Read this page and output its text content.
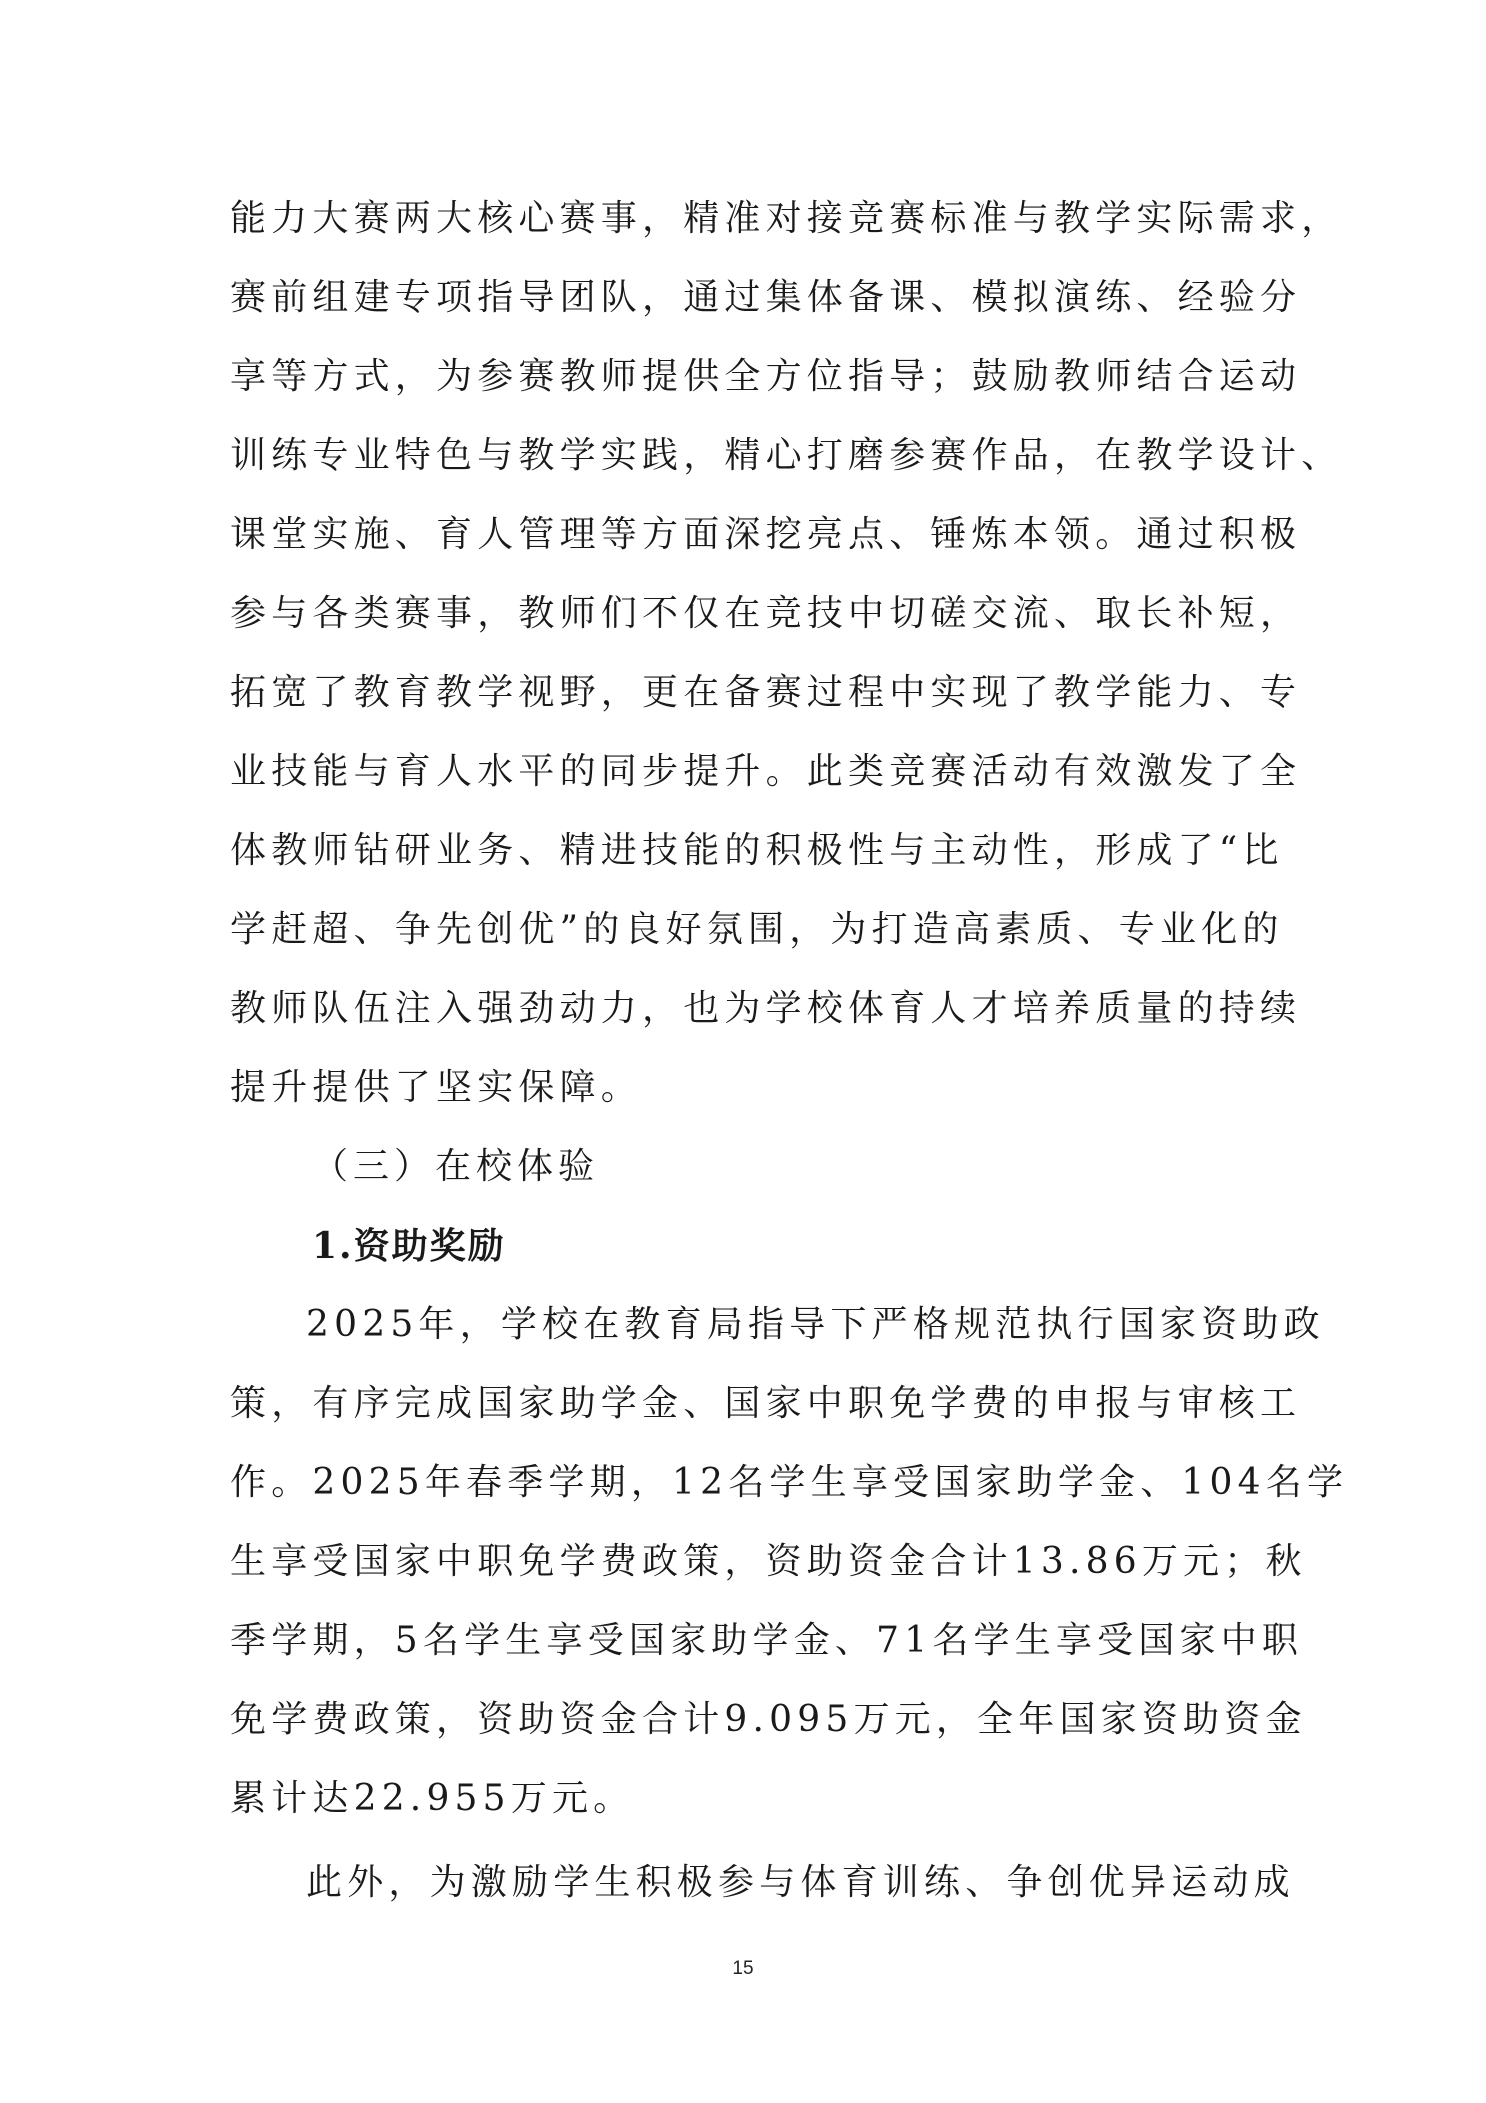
能力大赛两大核心赛事，精准对接竞赛标准与教学实际需求，
赛前组建专项指导团队，通过集体备课、模拟演练、经验分
享等方式，为参赛教师提供全方位指导；鼓励教师结合运动
训练专业特色与教学实践，精心打磨参赛作品，在教学设计、
课堂实施、育人管理等方面深挖亮点、锤炼本领。通过积极
参与各类赛事，教师们不仅在竞技中切磋交流、取长补短，
拓宽了教育教学视野，更在备赛过程中实现了教学能力、专
业技能与育人水平的同步提升。此类竞赛活动有效激发了全
体教师钻研业务、精进技能的积极性与主动性，形成了“比
学赶超、争先创优”的良好氛围，为打造高素质、专业化的
教师队伍注入强劲动力，也为学校体育人才培养质量的持续
提升提供了坚实保障。
（三）在校体验
1.资助奖励
2025年，学校在教育局指导下严格规范执行国家资助政
策，有序完成国家助学金、国家中职免学费的申报与审核工
作。2025年春季学期，12名学生享受国家助学金、104名学
生享受国家中职免学费政策，资助资金合计13.86万元；秋
季学期，5名学生享受国家助学金、71名学生享受国家中职
免学费政策，资助资金合计9.095万元，全年国家资助资金
累计达22.955万元。
此外，为激励学生积极参与体育训练、争创优异运动成
15
